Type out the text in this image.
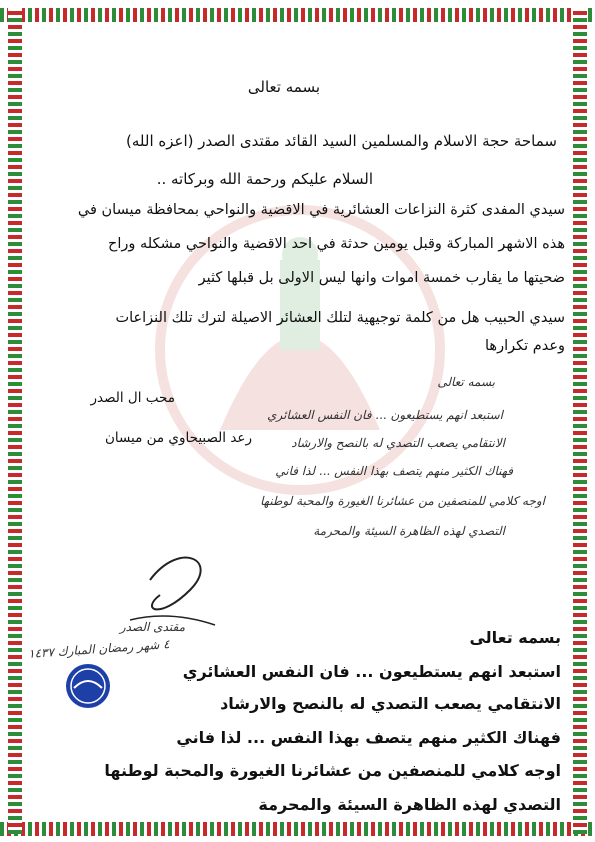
بسمه تعالى
سماحة حجة الاسلام والمسلمين السيد القائد مقتدى الصدر (اعزه الله)
السلام عليكم ورحمة الله وبركاته ..
سيدي المفدى كثرة النزاعات العشائرية في الاقضية والنواحي بمحافظة ميسان في
هذه الاشهر المباركة وقبل يومين حدثة في احد الاقضية والنواحي مشكله وراح
ضحيتها ما يقارب خمسة اموات وانها ليس الاولى بل قبلها كثير
سيدي الحبيب هل من كلمة توجيهية لتلك العشائر الاصيلة لترك تلك النزاعات
وعدم تكرارها
محب ال الصدر
رعد الصبيحاوي من ميسان
بسمه تعالى
استبعد انهم يستطيعون ... فان النفس العشائري
الانتقامي يصعب التصدي له بالنصح والارشاد
فهناك الكثير منهم يتصف بهذا النفس ... لذا فاني
اوجه كلامي للمنصفين من عشائرنا الغيورة والمحبة لوطنها
التصدي لهذه الظاهرة السيئة والمحرمة
مقتدى الصدر
٤ شهر رمضان المبارك ١٤٣٧	بسمه تعالى
استبعد انهم يستطيعون ... فان النفس العشائري
الانتقامي يصعب التصدي له بالنصح والارشاد
فهناك الكثير منهم يتصف بهذا النفس ... لذا فاني
اوجه كلامي للمنصفين من عشائرنا الغيورة والمحبة لوطنها
التصدي لهذه الظاهرة السيئة والمحرمة
